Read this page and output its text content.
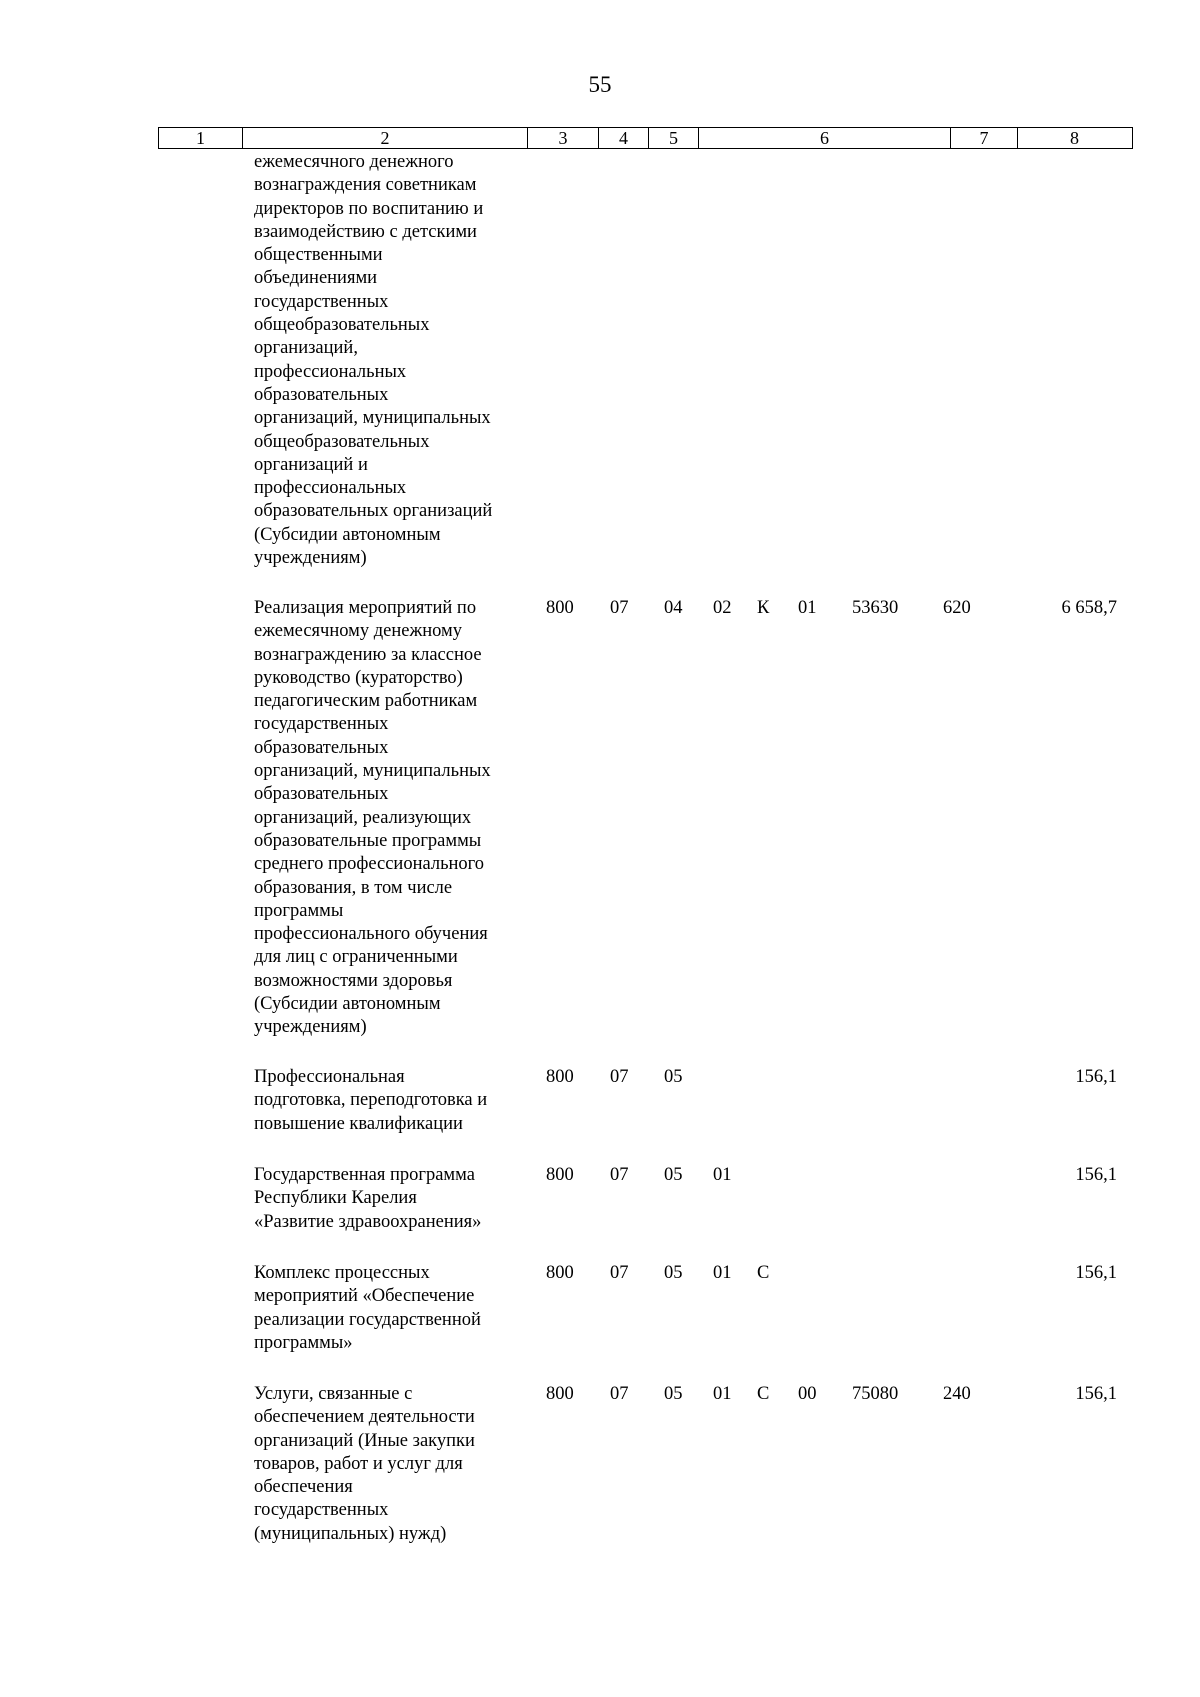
55
1	2	3	4	5	6	7	8
ежемесячного денежного
вознаграждения советникам
директоров по воспитанию и
взаимодействию с детскими
общественными
объединениями
государственных
общеобразовательных
организаций,
профессиональных
образовательных
организаций, муниципальных
общеобразовательных
организаций и
профессиональных
образовательных организаций
(Субсидии автономным
учреждениям)
Реализация мероприятий по
ежемесячному денежному
вознаграждению за классное
руководство (кураторство)
педагогическим работникам
государственных
образовательных
организаций, муниципальных
образовательных
организаций, реализующих
образовательные программы
среднего профессионального
образования, в том числе
программы
профессионального обучения
для лиц с ограниченными
возможностями здоровья
(Субсидии автономным
учреждениям)
800 07 04 02 К 01 53630 620	6 658,7
Профессиональная
подготовка, переподготовка и
повышение квалификации
800 07 05	156,1
Государственная программа
Республики Карелия
«Развитие здравоохранения»
800 07 05 01	156,1
Комплекс процессных
мероприятий «Обеспечение
реализации государственной
программы»
800 07 05 01 С	156,1
Услуги, связанные с
обеспечением деятельности
организаций (Иные закупки
товаров, работ и услуг для
обеспечения
государственных
(муниципальных) нужд)
800 07 05 01 С 00 75080 240	156,1
